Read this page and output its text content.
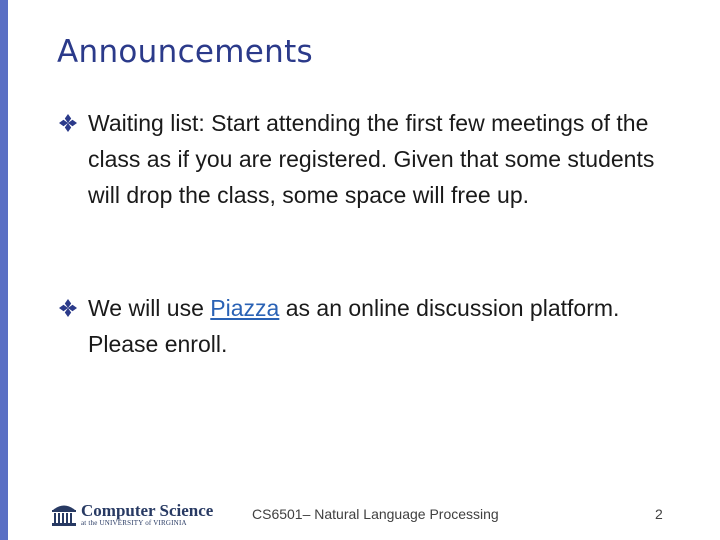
Announcements
Waiting list: Start attending the first few meetings of the class as if you are registered. Given that some students will drop the class, some space will free up.
We will use Piazza as an online discussion platform. Please enroll.
Computer Science
at the UNIVERSITY of VIRGINIA
CS6501– Natural Language Processing	2
